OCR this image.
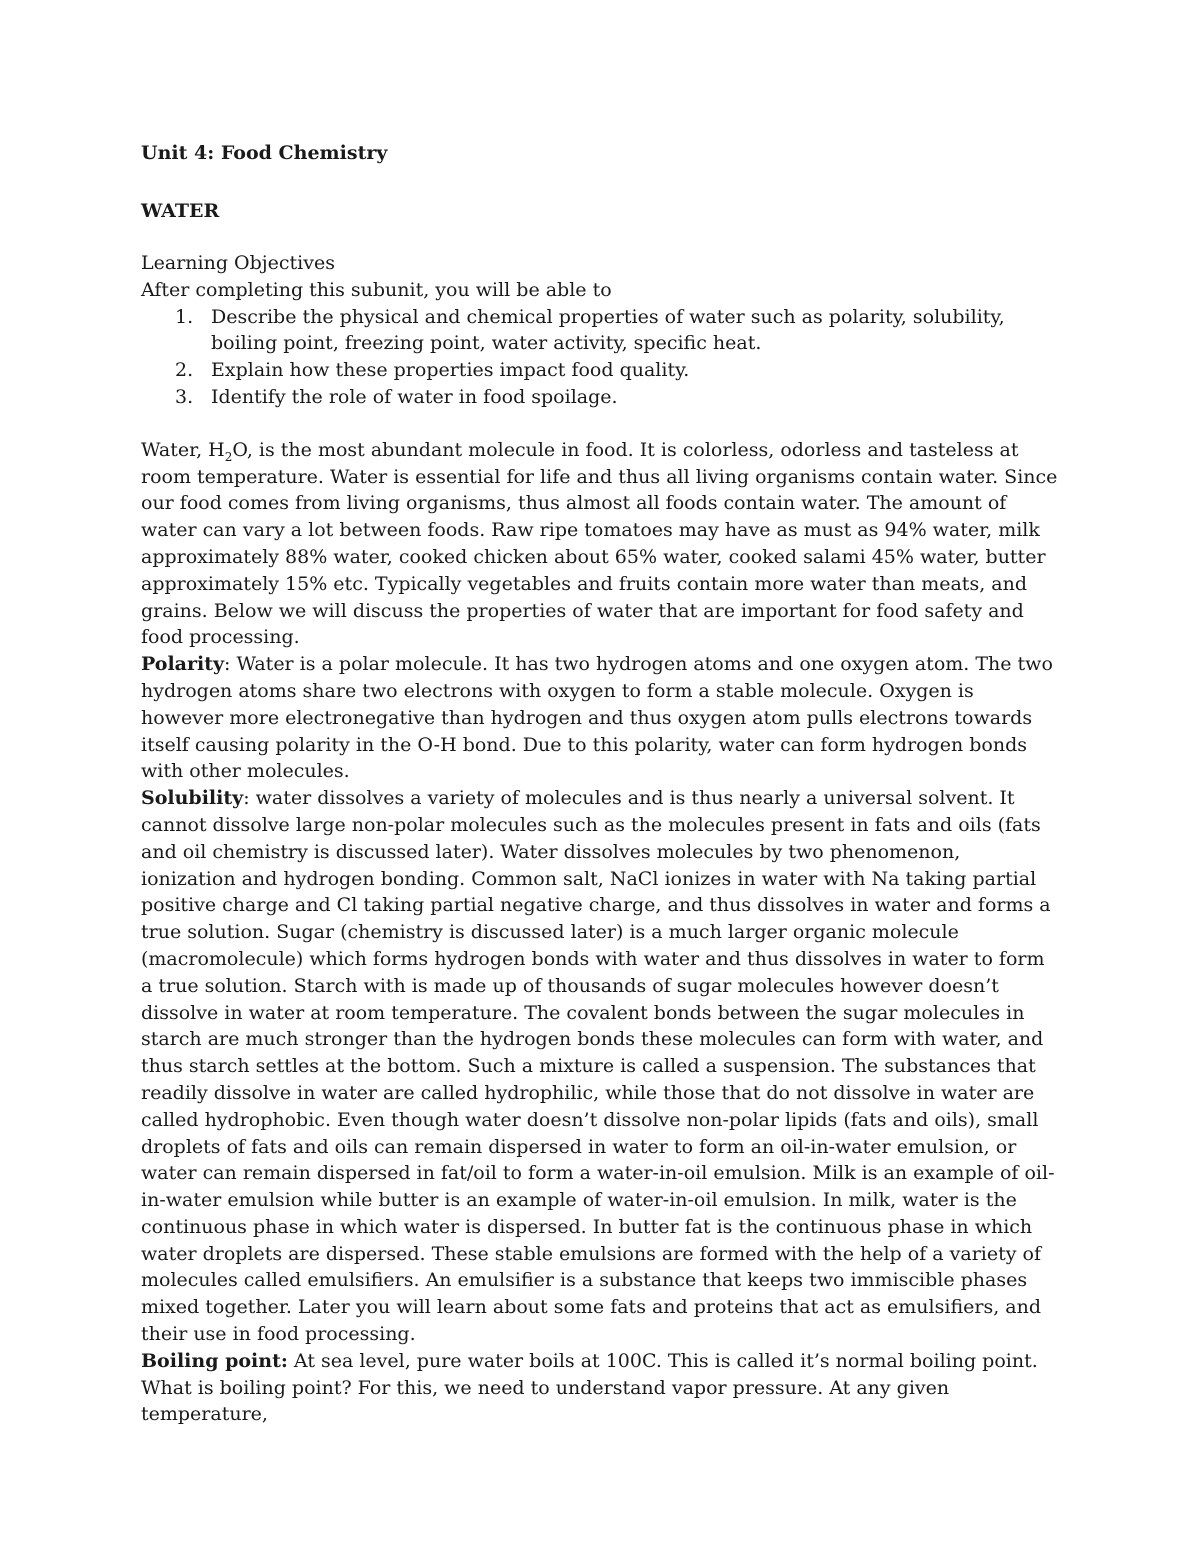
Unit 4: Food Chemistry

WATER

Learning Objectives

After completing this subunit, you will be able to

1. Describe the physical and chemical properties of water such as polarity, solubility, boiling point, freezing point, water activity, specific heat.
2. Explain how these properties impact food quality.
3. Identify the role of water in food spoilage.

Water, $H_2O$, is the most abundant molecule in food. It is colorless, odorless and tasteless at room temperature. Water is essential for life and thus all living organisms contain water. Since our food comes from living organisms, thus almost all foods contain water. The amount of water can vary a lot between foods. Raw ripe tomatoes may have as must as 94% water, milk approximately 88% water, cooked chicken about 65% water, cooked salami 45% water, butter approximately 15% etc. Typically vegetables and fruits contain more water than meats, and grains. Below we will discuss the properties of water that are important for food safety and food processing.

Polarity: Water is a polar molecule. It has two hydrogen atoms and one oxygen atom. The two hydrogen atoms share two electrons with oxygen to form a stable molecule. Oxygen is however more electronegative than hydrogen and thus oxygen atom pulls electrons towards itself causing polarity in the O-H bond. Due to this polarity, water can form hydrogen bonds with other molecules.

Solubility: water dissolves a variety of molecules and is thus nearly a universal solvent. It cannot dissolve large non-polar molecules such as the molecules present in fats and oils (fats and oil chemistry is discussed later). Water dissolves molecules by two phenomenon, ionization and hydrogen bonding. Common salt, NaCl ionizes in water with Na taking partial positive charge and Cl taking partial negative charge, and thus dissolves in water and forms a true solution. Sugar (chemistry is discussed later) is a much larger organic molecule (macromolecule) which forms hydrogen bonds with water and thus dissolves in water to form a true solution. Starch with is made up of thousands of sugar molecules however doesn’t dissolve in water at room temperature. The covalent bonds between the sugar molecules in starch are much stronger than the hydrogen bonds these molecules can form with water, and thus starch settles at the bottom. Such a mixture is called a suspension. The substances that readily dissolve in water are called hydrophilic, while those that do not dissolve in water are called hydrophobic. Even though water doesn’t dissolve non-polar lipids (fats and oils), small droplets of fats and oils can remain dispersed in water to form an oil-in-water emulsion, or water can remain dispersed in fat/oil to form a water-in-oil emulsion. Milk is an example of oil-in-water emulsion while butter is an example of water-in-oil emulsion. In milk, water is the continuous phase in which water is dispersed. In butter fat is the continuous phase in which water droplets are dispersed. These stable emulsions are formed with the help of a variety of molecules called emulsifiers. An emulsifier is a substance that keeps two immiscible phases mixed together. Later you will learn about some fats and proteins that act as emulsifiers, and their use in food processing.

Boiling point: At sea level, pure water boils at 100C. This is called it’s normal boiling point. What is boiling point? For this, we need to understand vapor pressure. At any given temperature,
